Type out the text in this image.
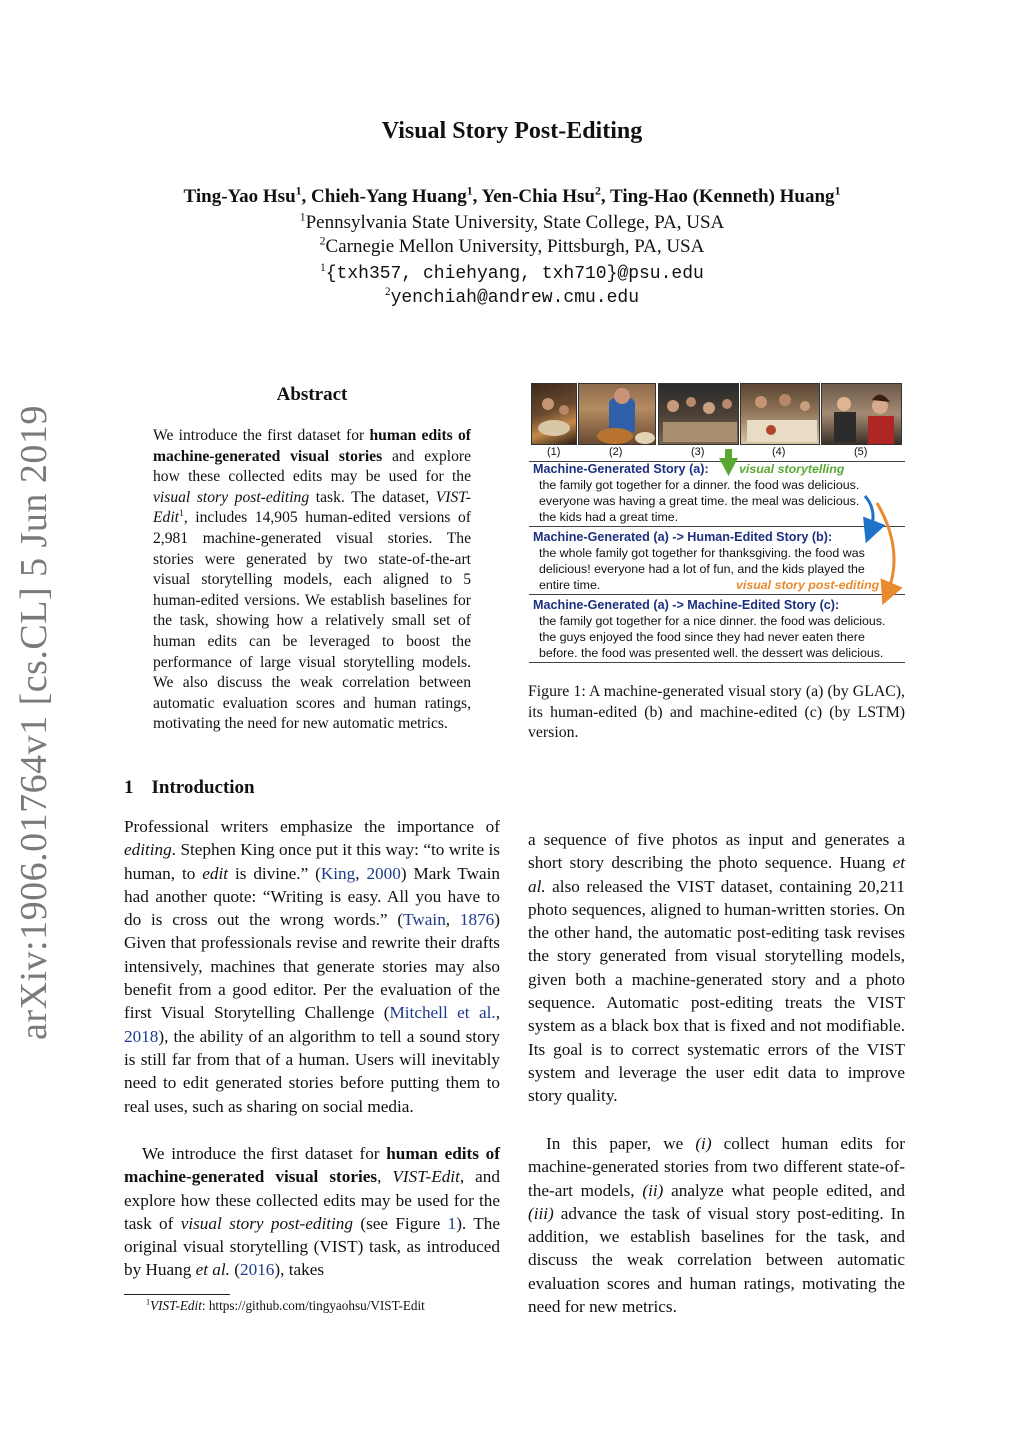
Visual Story Post-Editing
Ting-Yao Hsu$^1$, Chieh-Yang Huang$^1$, Yen-Chia Hsu$^2$, Ting-Hao (Kenneth) Huang$^1$
$^1$Pennsylvania State University, State College, PA, USA
$^2$Carnegie Mellon University, Pittsburgh, PA, USA
$^1${txh357, chiehyang, txh710}@psu.edu
$^2$yenchiah@andrew.cmu.edu
arXiv:1906.01764v1 [cs.CL] 5 Jun 2019
Abstract
We introduce the first dataset for human edits of machine-generated visual stories and explore how these collected edits may be used for the visual story post-editing task. The dataset, VIST-Edit$^1$, includes 14,905 human-edited versions of 2,981 machine-generated visual stories. The stories were generated by two state-of-the-art visual storytelling models, each aligned to 5 human-edited versions. We establish baselines for the task, showing how a relatively small set of human edits can be leveraged to boost the performance of large visual storytelling models. We also discuss the weak correlation between automatic evaluation scores and human ratings, motivating the need for new automatic metrics.
1 Introduction
Professional writers emphasize the importance of editing. Stephen King once put it this way: “to write is human, to edit is divine.” (King, 2000) Mark Twain had another quote: “Writing is easy. All you have to do is cross out the wrong words.” (Twain, 1876) Given that professionals revise and rewrite their drafts intensively, machines that generate stories may also benefit from a good editor. Per the evaluation of the first Visual Storytelling Challenge (Mitchell et al., 2018), the ability of an algorithm to tell a sound story is still far from that of a human. Users will inevitably need to edit generated stories before putting them to real uses, such as sharing on social media.
We introduce the first dataset for human edits of machine-generated visual stories, VIST-Edit, and explore how these collected edits may be used for the task of visual story post-editing (see Figure 1). The original visual storytelling (VIST) task, as introduced by Huang et al. (2016), takes
$^1$VIST-Edit: https://github.com/tingyaohsu/VIST-Edit
a sequence of five photos as input and generates a short story describing the photo sequence. Huang et al. also released the VIST dataset, containing 20,211 photo sequences, aligned to human-written stories. On the other hand, the automatic post-editing task revises the story generated from visual storytelling models, given both a machine-generated story and a photo sequence. Automatic post-editing treats the VIST system as a black box that is fixed and not modifiable. Its goal is to correct systematic errors of the VIST system and leverage the user edit data to improve story quality.
In this paper, we (i) collect human edits for machine-generated stories from two different state-of-the-art models, (ii) analyze what people edited, and (iii) advance the task of visual story post-editing. In addition, we establish baselines for the task, and discuss the weak correlation between automatic evaluation scores and human ratings, motivating the need for new metrics.
(1)	(2)	(3)	(4)	(5)
Machine-Generated Story (a): visual storytelling
the family got together for a dinner. the food was delicious.
everyone was having a great time. the meal was delicious.
the kids had a great time.
Machine-Generated (a) -> Human-Edited Story (b):
the whole family got together for thanksgiving. the food was
delicious! everyone had a lot of fun, and the kids played the
entire time.	visual story post-editing
Machine-Generated (a) -> Machine-Edited Story (c):
the family got together for a nice dinner. the food was delicious.
the guys enjoyed the food since they had never eaten there
before. the food was presented well. the dessert was delicious.
Figure 1: A machine-generated visual story (a) (by GLAC), its human-edited (b) and machine-edited (c) (by LSTM) version.
